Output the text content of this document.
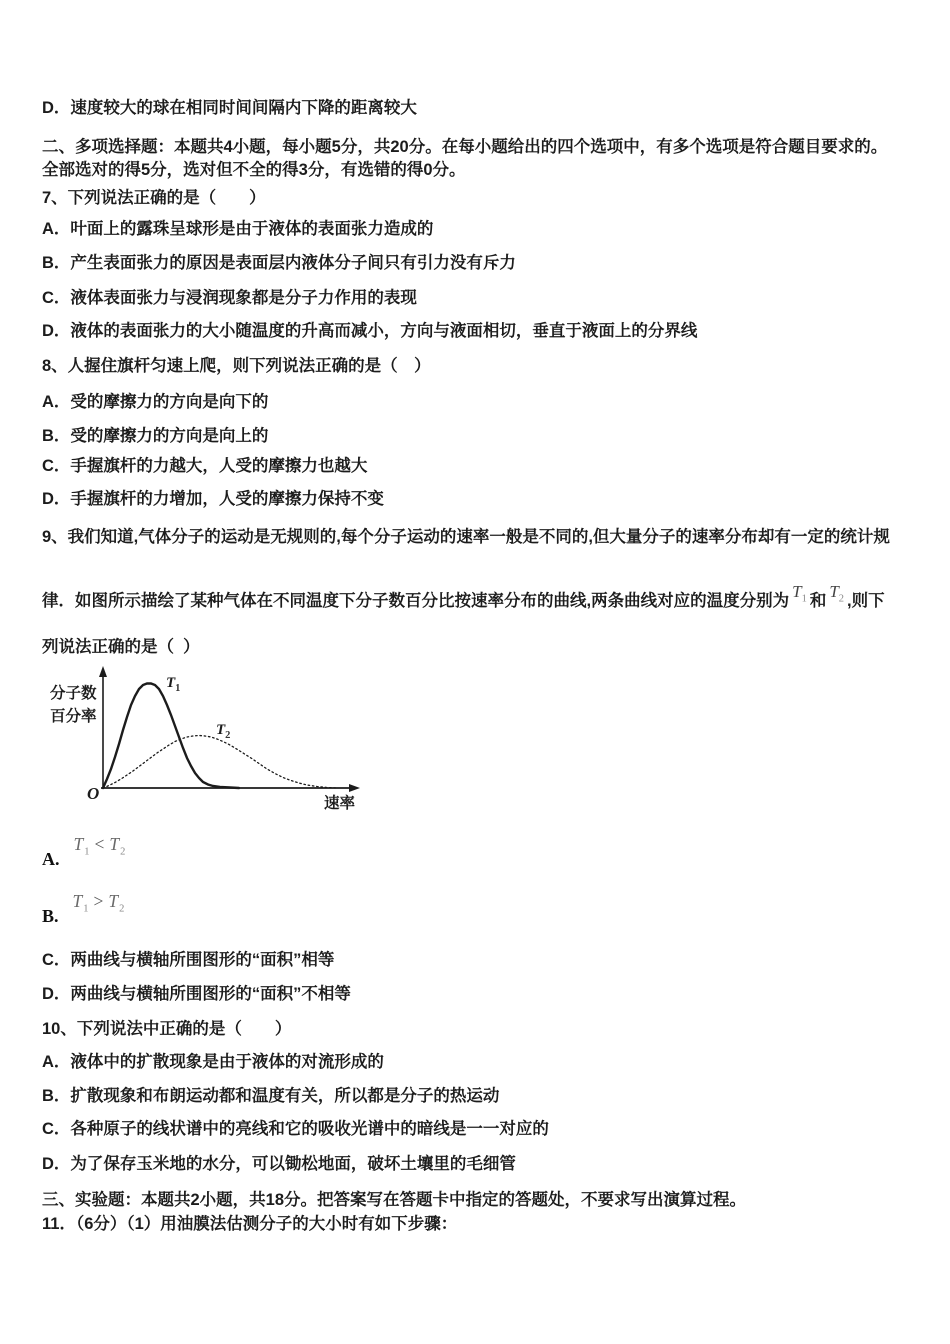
D．速度较大的球在相同时间间隔内下降的距离较大
二、多项选择题：本题共4小题，每小题5分，共20分。在每小题给出的四个选项中，有多个选项是符合题目要求的。
全部选对的得5分，选对但不全的得3分，有选错的得0分。
7、下列说法正确的是（　　）
A．叶面上的露珠呈球形是由于液体的表面张力造成的
B．产生表面张力的原因是表面层内液体分子间只有引力没有斥力
C．液体表面张力与浸润现象都是分子力作用的表现
D．液体的表面张力的大小随温度的升高而减小，方向与液面相切，垂直于液面上的分界线
8、人握住旗杆匀速上爬，则下列说法正确的是（　）
A．受的摩擦力的方向是向下的
B．受的摩擦力的方向是向上的
C．手握旗杆的力越大，人受的摩擦力也越大
D．手握旗杆的力增加，人受的摩擦力保持不变
9、我们知道,气体分子的运动是无规则的,每个分子运动的速率一般是不同的,但大量分子的速率分布却有一定的统计规
律．如图所示描绘了某种气体在不同温度下分子数百分比按速率分布的曲线,两条曲线对应的温度分别为 $T_1$ 和 $T_2$ ,则下
列说法正确的是（  ）
分子数
百分率
O
速率
$T_1$
$T_2$
$A.T_1 < T_2$
$B.T_1 > T_2$
C．两曲线与横轴所围图形的“面积”相等
D．两曲线与横轴所围图形的“面积”不相等
10、下列说法中正确的是（　　）
A．液体中的扩散现象是由于液体的对流形成的
B．扩散现象和布朗运动都和温度有关，所以都是分子的热运动
C．各种原子的线状谱中的亮线和它的吸收光谱中的暗线是一一对应的
D．为了保存玉米地的水分，可以锄松地面，破坏土壤里的毛细管
三、实验题：本题共2小题，共18分。把答案写在答题卡中指定的答题处，不要求写出演算过程。
11．（6分）（1）用油膜法估测分子的大小时有如下步骤：
